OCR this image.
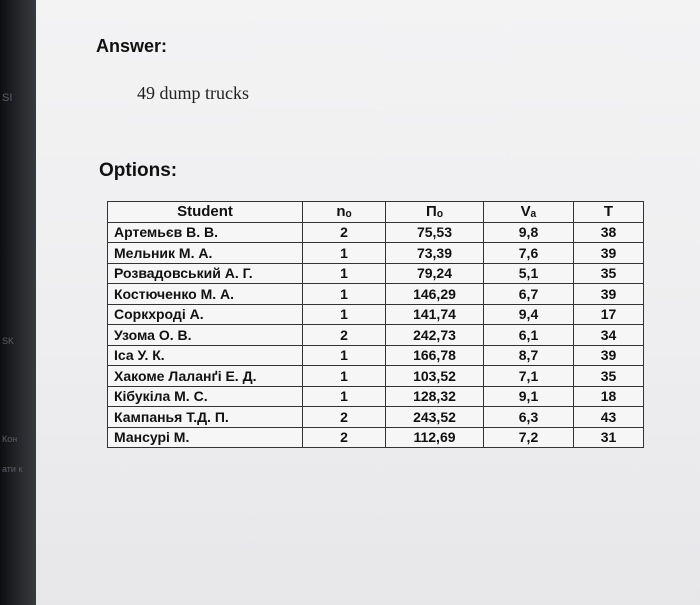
SI
SK
Кон
ати к
Answer:
49 dump trucks
Options:
Student	nₒ	Пₒ	Vₐ	T
Артемьєв В. В.	2	75,53	9,8	38
Мельник М. А.	1	73,39	7,6	39
Розвадовський А. Г.	1	79,24	5,1	35
Костюченко М. А.	1	146,29	6,7	39
Соркхроді А.	1	141,74	9,4	17
Узома О. В.	2	242,73	6,1	34
Іса У. К.	1	166,78	8,7	39
Хакоме Лаланґі Е. Д.	1	103,52	7,1	35
Кібукіла М. С.	1	128,32	9,1	18
Кампанья Т.Д. П.	2	243,52	6,3	43
Мансурі М.	2	112,69	7,2	31
